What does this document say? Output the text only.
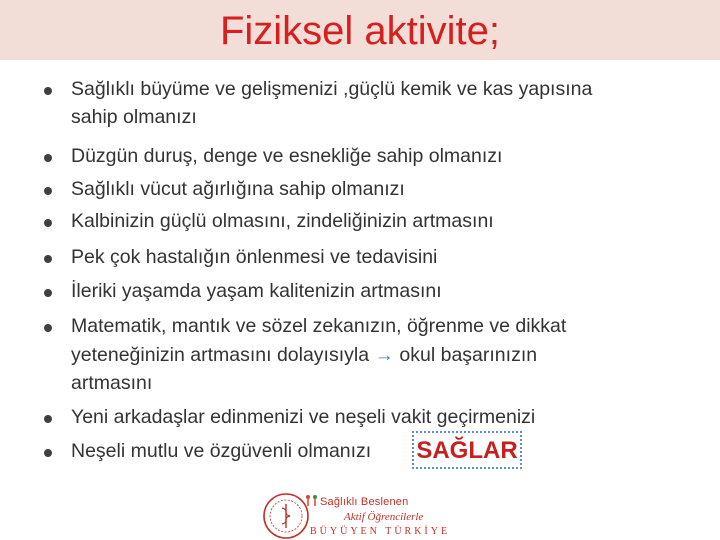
Fiziksel aktivite;
Sağlıklı büyüme ve gelişmenizi ,güçlü kemik ve kas yapısına
sahip olmanızı
Düzgün duruş, denge ve esnekliğe sahip olmanızı
Sağlıklı vücut ağırlığına sahip olmanızı
Kalbinizin güçlü olmasını, zindeliğinizin artmasını
Pek çok hastalığın önlenmesi ve tedavisini
İleriki yaşamda yaşam kalitenizin artmasını
Matematik, mantık ve sözel zekanızın, öğrenme ve dikkat
yeteneğinizin artmasını dolayısıyla → okul başarınızın
artmasını
Yeni arkadaşlar edinmenizi ve neşeli vakit geçirmenizi
Neşeli mutlu ve özgüvenli olmanızı	SAĞLAR
Sağlıklı Beslenen
Aktif Öğrencilerle
BÜYÜYEN TÜRKİYE
